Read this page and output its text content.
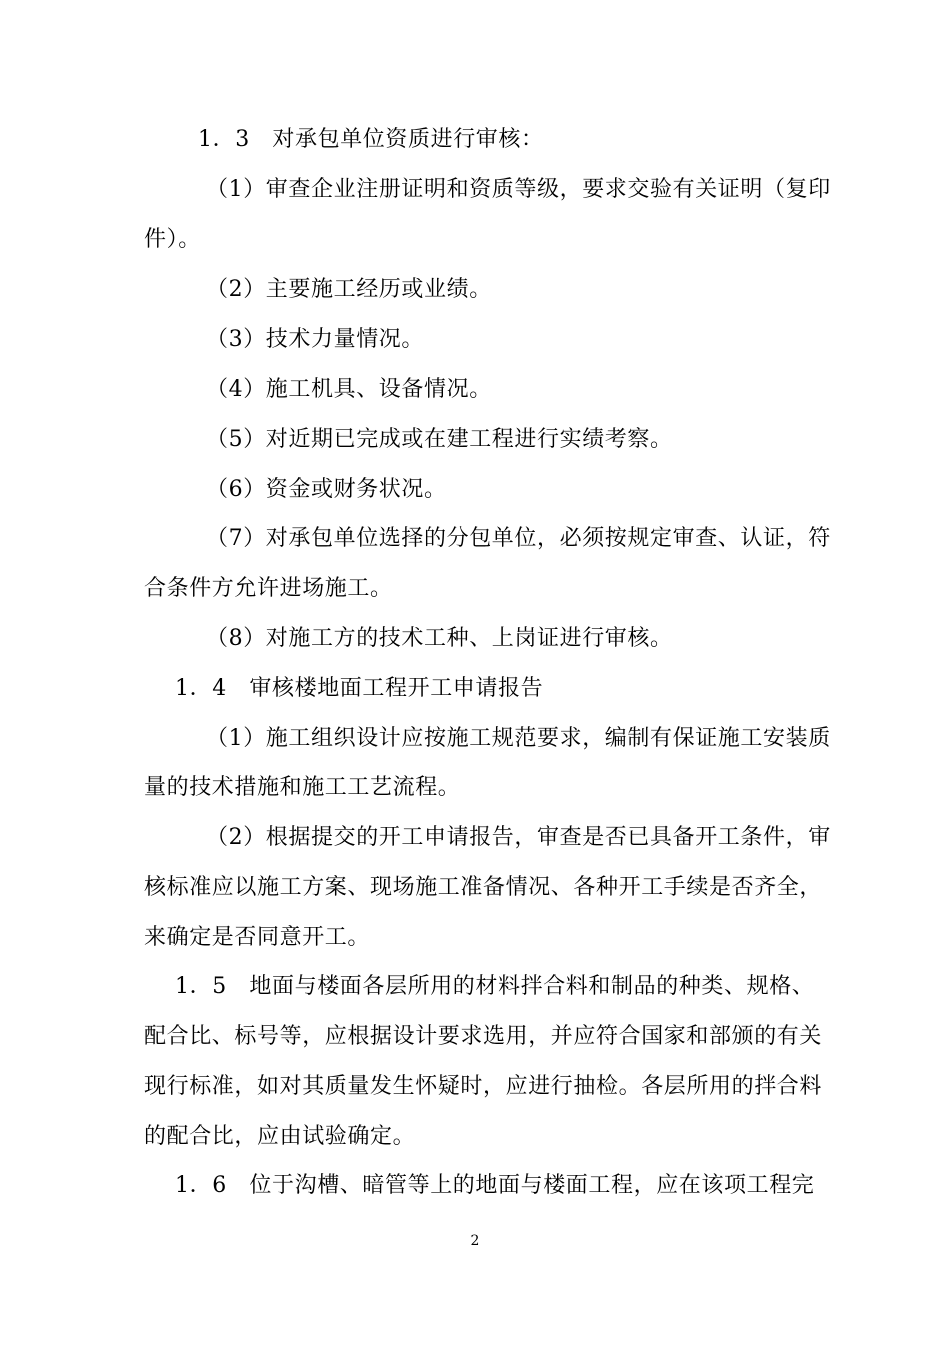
1．3　对承包单位资质进行审核：
（1）审查企业注册证明和资质等级，要求交验有关证明（复印
件）。
（2）主要施工经历或业绩。
（3）技术力量情况。
（4）施工机具、设备情况。
（5）对近期已完成或在建工程进行实绩考察。
（6）资金或财务状况。
（7）对承包单位选择的分包单位，必须按规定审查、认证，符
合条件方允许进场施工。
（8）对施工方的技术工种、上岗证进行审核。
1．4　审核楼地面工程开工申请报告
（1）施工组织设计应按施工规范要求，编制有保证施工安装质
量的技术措施和施工工艺流程。
（2）根据提交的开工申请报告，审查是否已具备开工条件，审
核标准应以施工方案、现场施工准备情况、各种开工手续是否齐全，
来确定是否同意开工。
1．5　地面与楼面各层所用的材料拌合料和制品的种类、规格、
配合比、标号等，应根据设计要求选用，并应符合国家和部颁的有关
现行标准，如对其质量发生怀疑时，应进行抽检。各层所用的拌合料
的配合比，应由试验确定。
1．6　位于沟槽、暗管等上的地面与楼面工程，应在该项工程完
2
